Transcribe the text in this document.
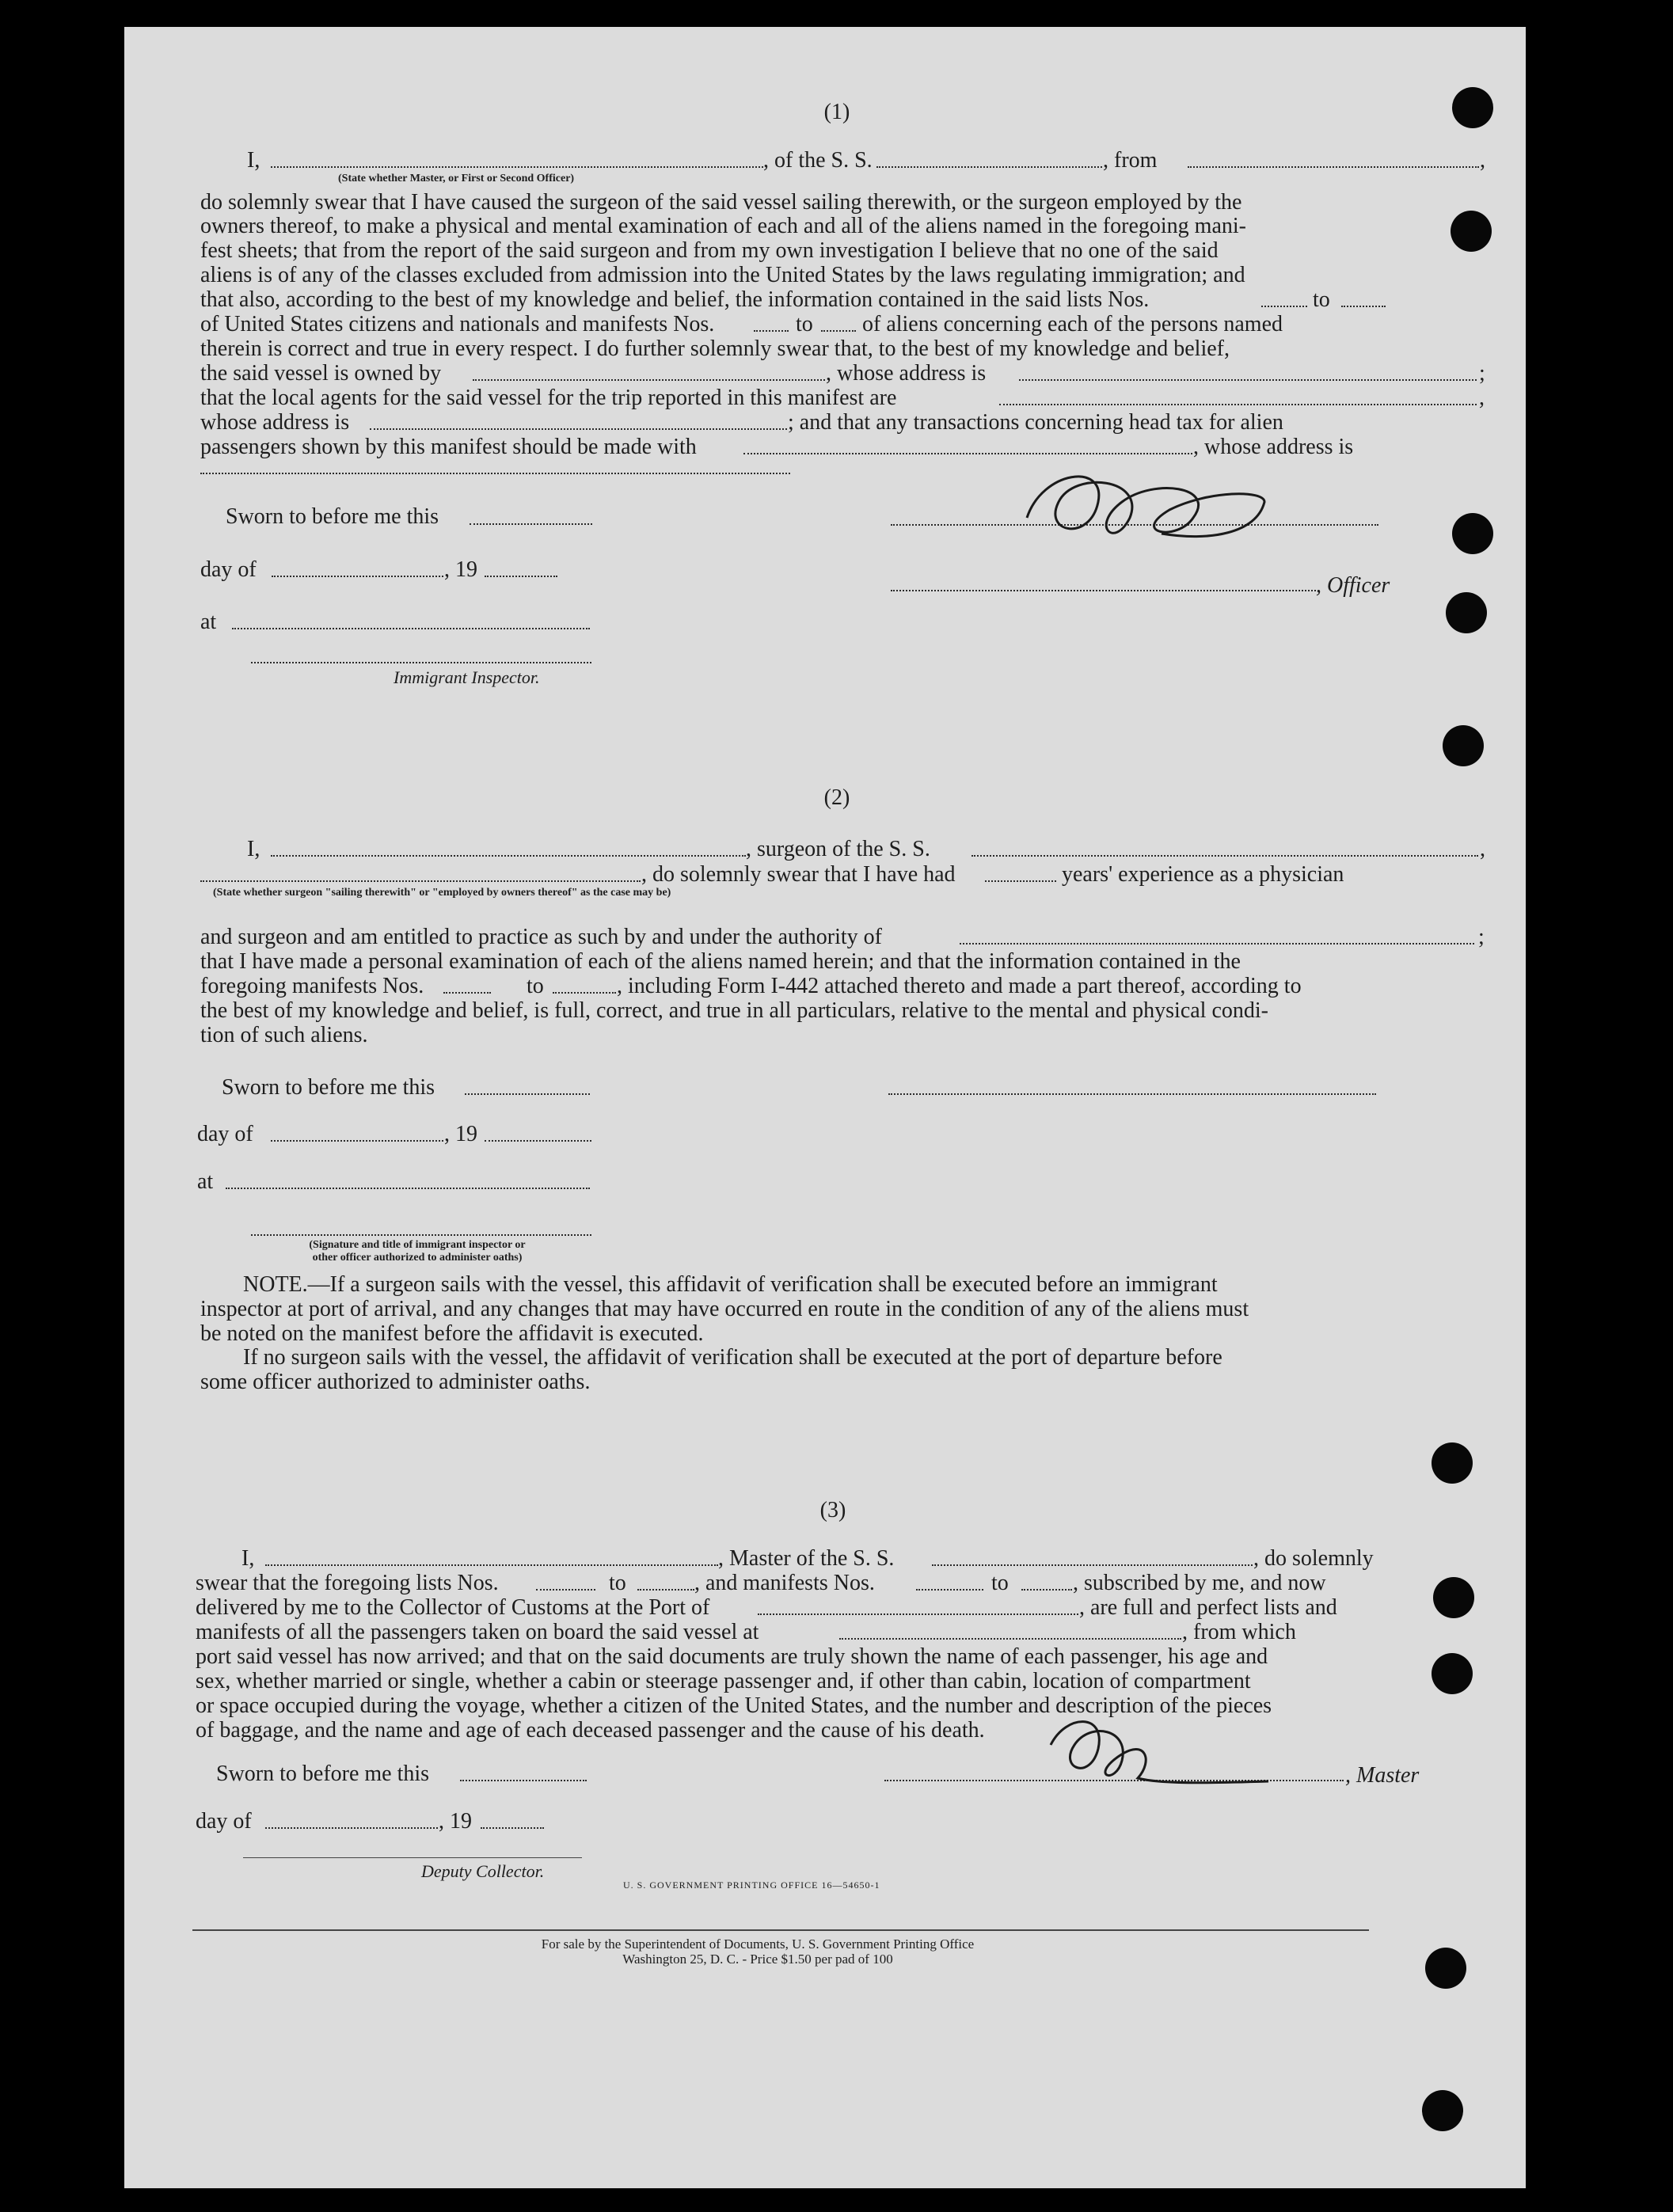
(1)
I,	, of the S. S.	, from	,
(State whether Master, or First or Second Officer)
do solemnly swear that I have caused the surgeon of the said vessel sailing therewith, or the surgeon employed by the
owners thereof, to make a physical and mental examination of each and all of the aliens named in the foregoing mani-
fest sheets; that from the report of the said surgeon and from my own investigation I believe that no one of the said
aliens is of any of the classes excluded from admission into the United States by the laws regulating immigration; and
that also, according to the best of my knowledge and belief, the information contained in the said lists Nos.	to
of United States citizens and nationals and manifests Nos.	to of aliens concerning each of the persons named
therein is correct and true in every respect. I do further solemnly swear that, to the best of my knowledge and belief,
the said vessel is owned by	, whose address is	;
that the local agents for the said vessel for the trip reported in this manifest are	,
whose address is	; and that any transactions concerning head tax for alien
passengers shown by this manifest should be made with	, whose address is
Sworn to before me this
day of	, 19
at
Immigrant Inspector.
, Officer
(2)
I,	, surgeon of the S. S.	,
, do solemnly swear that I have had	years' experience as a physician
(State whether surgeon "sailing therewith" or "employed by owners thereof" as the case may be)
and surgeon and am entitled to practice as such by and under the authority of	;
that I have made a personal examination of each of the aliens named herein; and that the information contained in the
foregoing manifests Nos.	to	, including Form I-442 attached thereto and made a part thereof, according to
the best of my knowledge and belief, is full, correct, and true in all particulars, relative to the mental and physical condi-
tion of such aliens.
Sworn to before me this
day of	, 19
at
(Signature and title of immigrant inspector or
other officer authorized to administer oaths)
NOTE.—If a surgeon sails with the vessel, this affidavit of verification shall be executed before an immigrant
inspector at port of arrival, and any changes that may have occurred en route in the condition of any of the aliens must
be noted on the manifest before the affidavit is executed.
If no surgeon sails with the vessel, the affidavit of verification shall be executed at the port of departure before
some officer authorized to administer oaths.
(3)
I,	, Master of the S. S.	, do solemnly
swear that the foregoing lists Nos.	to	, and manifests Nos.	to	, subscribed by me, and now
delivered by me to the Collector of Customs at the Port of	, are full and perfect lists and
manifests of all the passengers taken on board the said vessel at	, from which
port said vessel has now arrived; and that on the said documents are truly shown the name of each passenger, his age and
sex, whether married or single, whether a cabin or steerage passenger and, if other than cabin, location of compartment
or space occupied during the voyage, whether a citizen of the United States, and the number and description of the pieces
of baggage, and the name and age of each deceased passenger and the cause of his death.
Sworn to before me this	, Master
day of	, 19
Deputy Collector.
U. S. GOVERNMENT PRINTING OFFICE 16—54650-1
For sale by the Superintendent of Documents, U. S. Government Printing Office
Washington 25, D. C. - Price $1.50 per pad of 100
